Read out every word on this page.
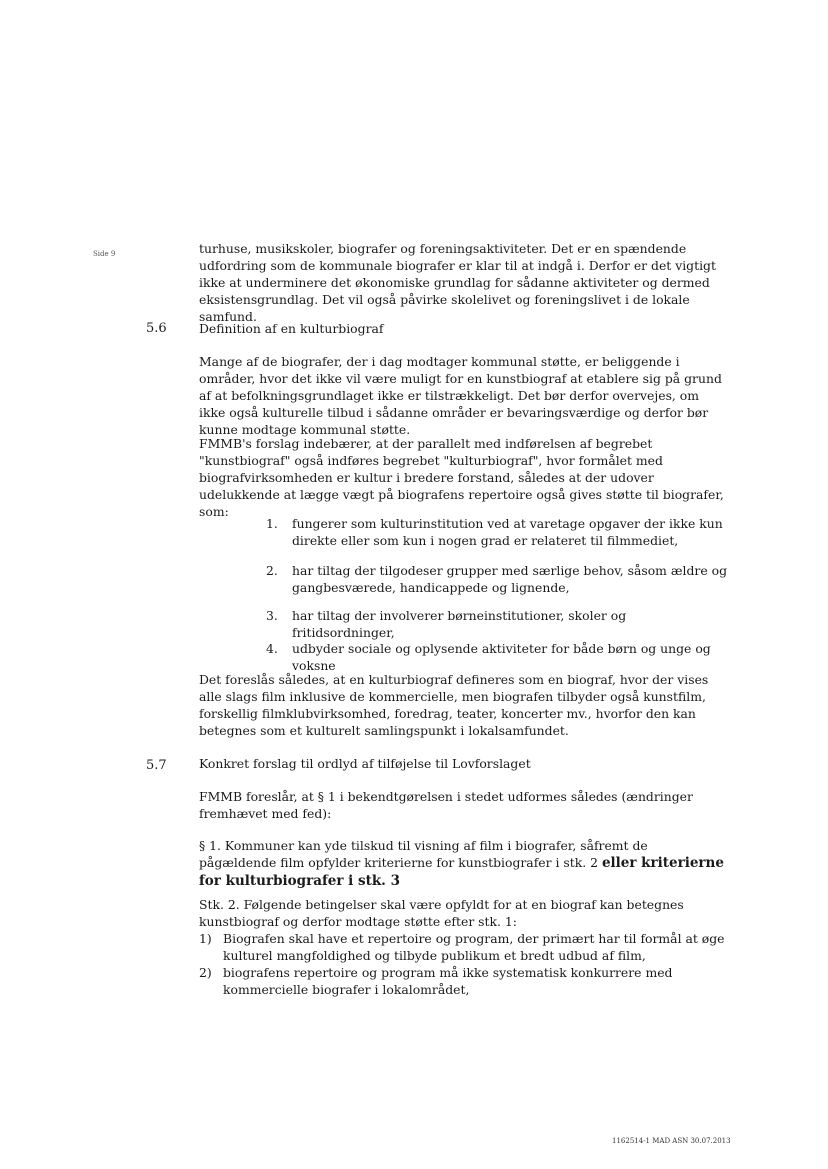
Side 9	turhuse, musikskoler, biografer og foreningsaktiviteter. Det er en spændende udfordring som de kommunale biografer er klar til at indgå i. Derfor er det vigtigt ikke at underminere det økonomiske grundlag for sådanne aktiviteter og dermed eksistensgrundlag. Det vil også påvirke skolelivet og foreningslivet i de lokale samfund.

5.6	Definition af en kulturbiograf

Mange af de biografer, der i dag modtager kommunal støtte, er beliggende i områder, hvor det ikke vil være muligt for en kunstbiograf at etablere sig på grund af at befolkningsgrundlaget ikke er tilstrækkeligt. Det bør derfor overvejes, om ikke også kulturelle tilbud i sådanne områder er bevaringsværdige og derfor bør kunne modtage kommunal støtte.

FMMB's forslag indebærer, at der parallelt med indførelsen af begrebet "kunstbiograf" også indføres begrebet "kulturbiograf", hvor formålet med biografvirksomheden er kultur i bredere forstand, således at der udover udelukkende at lægge vægt på biografens repertoire også gives støtte til biografer, som:

1. fungerer som kulturinstitution ved at varetage opgaver der ikke kun direkte eller som kun i nogen grad er relateret til filmmediet,
2. har tiltag der tilgodeser grupper med særlige behov, såsom ældre og gangbesværede, handicappede og lignende,
3. har tiltag der involverer børneinstitutioner, skoler og fritidsordninger,
4. udbyder sociale og oplysende aktiviteter for både børn og unge og voksne

Det foreslås således, at en kulturbiograf defineres som en biograf, hvor der vises alle slags film inklusive de kommercielle, men biografen tilbyder også kunstfilm, forskellig filmklubvirksomhed, foredrag, teater, koncerter mv., hvorfor den kan betegnes som et kulturelt samlingspunkt i lokalsamfundet.

5.7	Konkret forslag til ordlyd af tilføjelse til Lovforslaget

FMMB foreslår, at § 1 i bekendtgørelsen i stedet udformes således (ændringer fremhævet med fed):

§ 1. Kommuner kan yde tilskud til visning af film i biografer, såfremt de pågældende film opfylder kriterierne for kunstbiografer i stk. 2 eller kriterierne for kulturbiografer i stk. 3

Stk. 2. Følgende betingelser skal være opfyldt for at en biograf kan betegnes kunstbiograf og derfor modtage støtte efter stk. 1:

1) Biografen skal have et repertoire og program, der primært har til formål at øge kulturel mangfoldighed og tilbyde publikum et bredt udbud af film,
2) biografens repertoire og program må ikke systematisk konkurrere med kommercielle biografer i lokalområdet,
1162514-1 MAD ASN 30.07.2013
